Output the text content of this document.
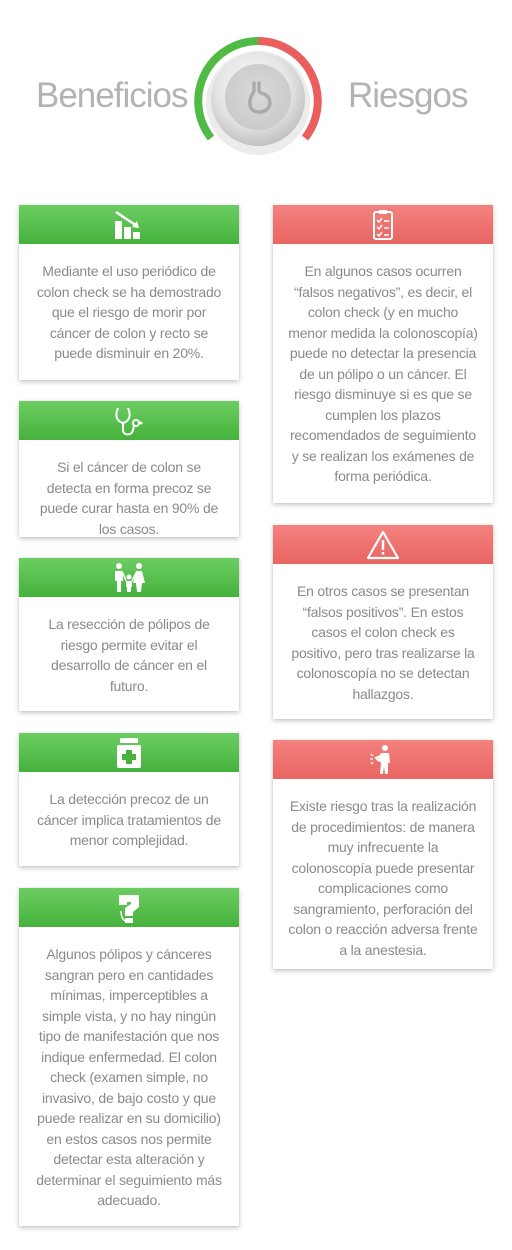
Beneficios	Riesgos
Mediante el uso periódico de colon check se ha demostrado que el riesgo de morir por cáncer de colon y recto se puede disminuir en 20%.
Si el cáncer de colon se detecta en forma precoz se puede curar hasta en 90% de los casos.
La resección de pólipos de riesgo permite evitar el desarrollo de cáncer en el futuro.
La detección precoz de un cáncer implica tratamientos de menor complejidad.
Algunos pólipos y cánceres sangran pero en cantidades mínimas, imperceptibles a simple vista, y no hay ningún tipo de manifestación que nos indique enfermedad. El colon check (examen simple, no invasivo, de bajo costo y que puede realizar en su domicilio) en estos casos nos permite detectar esta alteración y determinar el seguimiento más adecuado.
En algunos casos ocurren “falsos negativos”, es decir, el colon check (y en mucho menor medida la colonoscopía) puede no detectar la presencia de un pólipo o un cáncer. El riesgo disminuye si es que se cumplen los plazos recomendados de seguimiento y se realizan los exámenes de forma periódica.
En otros casos se presentan “falsos positivos”. En estos casos el colon check es positivo, pero tras realizarse la colonoscopía no se detectan hallazgos.
Existe riesgo tras la realización de procedimientos: de manera muy infrecuente la colonoscopía puede presentar complicaciones como sangramiento, perforación del colon o reacción adversa frente a la anestesia.
